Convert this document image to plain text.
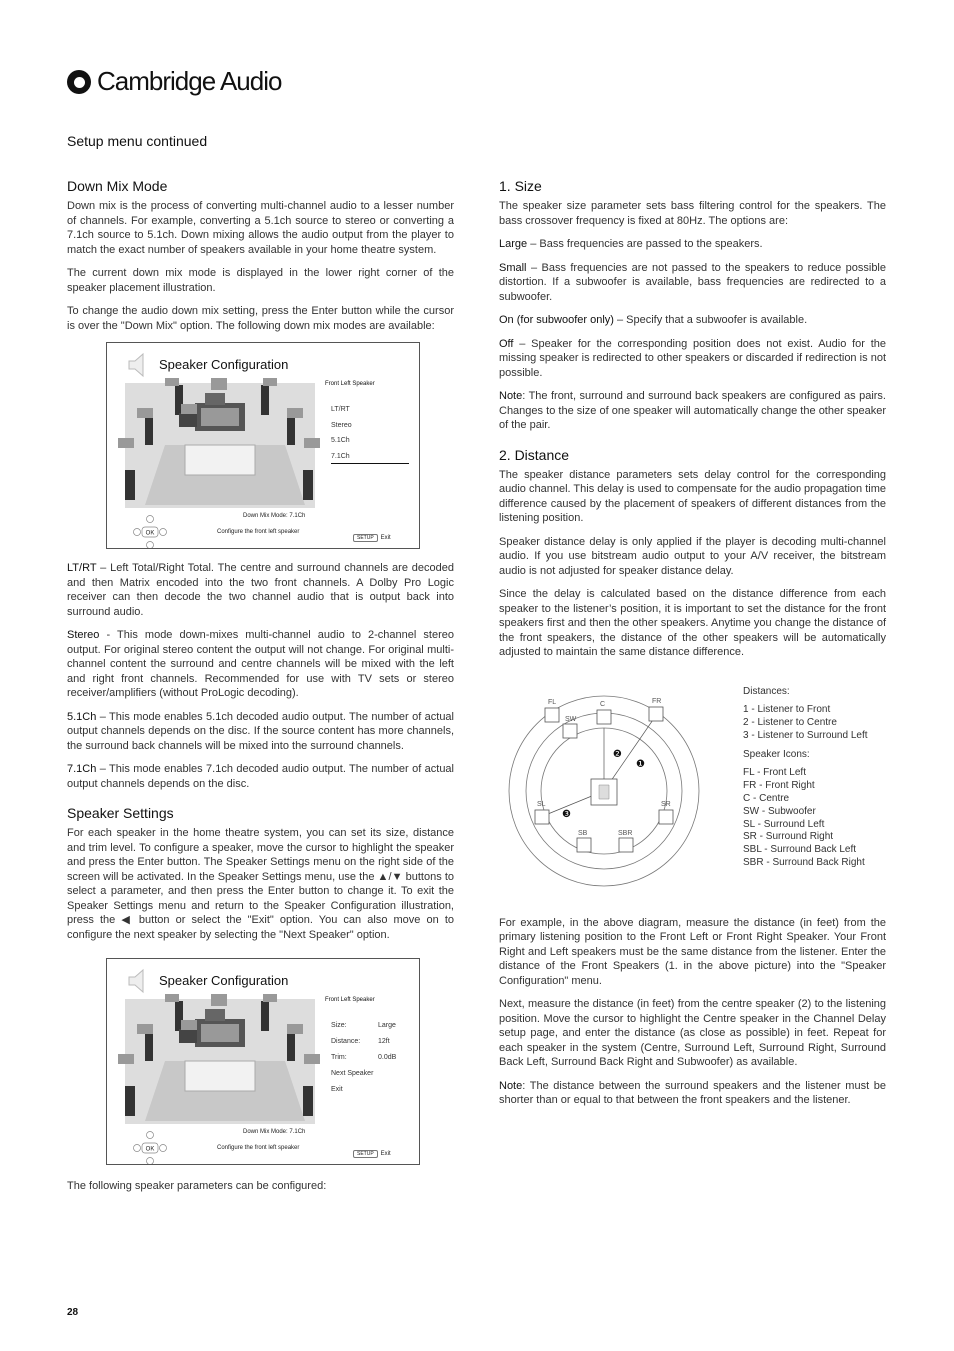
Cambridge Audio
Setup menu continued
Down Mix Mode

Down mix is the process of converting multi-channel audio to a lesser number of channels. For example, converting a 5.1ch source to stereo or converting a 7.1ch source to 5.1ch. Down mixing allows the audio output from the player to match the exact number of speakers available in your home theatre system.

The current down mix mode is displayed in the lower right corner of the speaker placement illustration.

To change the audio down mix setting, press the Enter button while the cursor is over the "Down Mix" option. The following down mix modes are available:

Speaker Configuration
Front Left Speaker
LT/RT
Stereo
5.1Ch
7.1Ch
Down Mix Mode: 7.1Ch
OK	Configure the front left speaker
SETUP	Exit

LT/RT – Left Total/Right Total. The centre and surround channels are decoded and then Matrix encoded into the two front channels. A Dolby Pro Logic receiver can then decode the two channel audio that is output back into surround audio.

Stereo - This mode down-mixes multi-channel audio to 2-channel stereo output. For original stereo content the output will not change. For original multi-channel content the surround and centre channels will be mixed with the left and right front channels. Recommended for use with TV sets or stereo receiver/amplifiers (without ProLogic decoding).

5.1Ch – This mode enables 5.1ch decoded audio output. The number of actual output channels depends on the disc. If the source content has more channels, the surround back channels will be mixed into the surround channels.

7.1Ch – This mode enables 7.1ch decoded audio output. The number of actual output channels depends on the disc.

Speaker Settings

For each speaker in the home theatre system, you can set its size, distance and trim level. To configure a speaker, move the cursor to highlight the speaker and press the Enter button. The Speaker Settings menu on the right side of the screen will be activated. In the Speaker Settings menu, use the ▲/▼ buttons to select a parameter, and then press the Enter button to change it. To exit the Speaker Settings menu and return to the Speaker Configuration illustration, press the ◀ button or select the "Exit" option. You can also move on to configure the next speaker by selecting the "Next Speaker" option.

Speaker Configuration
Front Left Speaker
Size:	Large
Distance:	12ft
Trim:	0.0dB
Next Speaker
Exit
Down Mix Mode: 7.1Ch
OK	Configure the front left speaker
SETUP	Exit

The following speaker parameters can be configured:

1. Size

The speaker size parameter sets bass filtering control for the speakers. The bass crossover frequency is fixed at 80Hz. The options are:

Large – Bass frequencies are passed to the speakers.

Small – Bass frequencies are not passed to the speakers to reduce possible distortion. If a subwoofer is available, bass frequencies are redirected to a subwoofer.

On (for subwoofer only) – Specify that a subwoofer is available.

Off – Speaker for the corresponding position does not exist. Audio for the missing speaker is redirected to other speakers or discarded if redirection is not possible.

Note: The front, surround and surround back speakers are configured as pairs. Changes to the size of one speaker will automatically change the other speaker of the pair.

2. Distance

The speaker distance parameters sets delay control for the corresponding audio channel. This delay is used to compensate for the audio propagation time difference caused by the placement of speakers of different distances from the listening position.

Speaker distance delay is only applied if the player is decoding multi-channel audio. If you use bitstream audio output to your A/V receiver, the bitstream audio is not adjusted for speaker distance delay.

Since the delay is calculated based on the distance difference from each speaker to the listener’s position, it is important to set the distance for the front speakers first and then the other speakers. Anytime you change the distance of the front speakers, the distance of the other speakers will be automatically adjusted to maintain the same distance difference.

FL	C	FR
SW
SL	SR
SB	SBR
❶
❷
❸
Distances:
1 - Listener to Front
2 - Listener to Centre
3 - Listener to Surround Left
Speaker Icons:
FL - Front Left
FR - Front Right
C - Centre
SW - Subwoofer
SL - Surround Left
SR - Surround Right
SBL - Surround Back Left
SBR - Surround Back Right

For example, in the above diagram, measure the distance (in feet) from the primary listening position to the Front Left or Front Right Speaker. Your Front Right and Left speakers must be the same distance from the listener. Enter the distance of the Front Speakers (1. in the above picture) into the "Speaker Configuration" menu.

Next, measure the distance (in feet) from the centre speaker (2) to the listening position. Move the cursor to highlight the Centre speaker in the Channel Delay setup page, and enter the distance (as close as possible) in feet. Repeat for each speaker in the system (Centre, Surround Left, Surround Right, Surround Back Left, Surround Back Right and Subwoofer) as available.

Note: The distance between the surround speakers and the listener must be shorter than or equal to that between the front speakers and the listener.

28
